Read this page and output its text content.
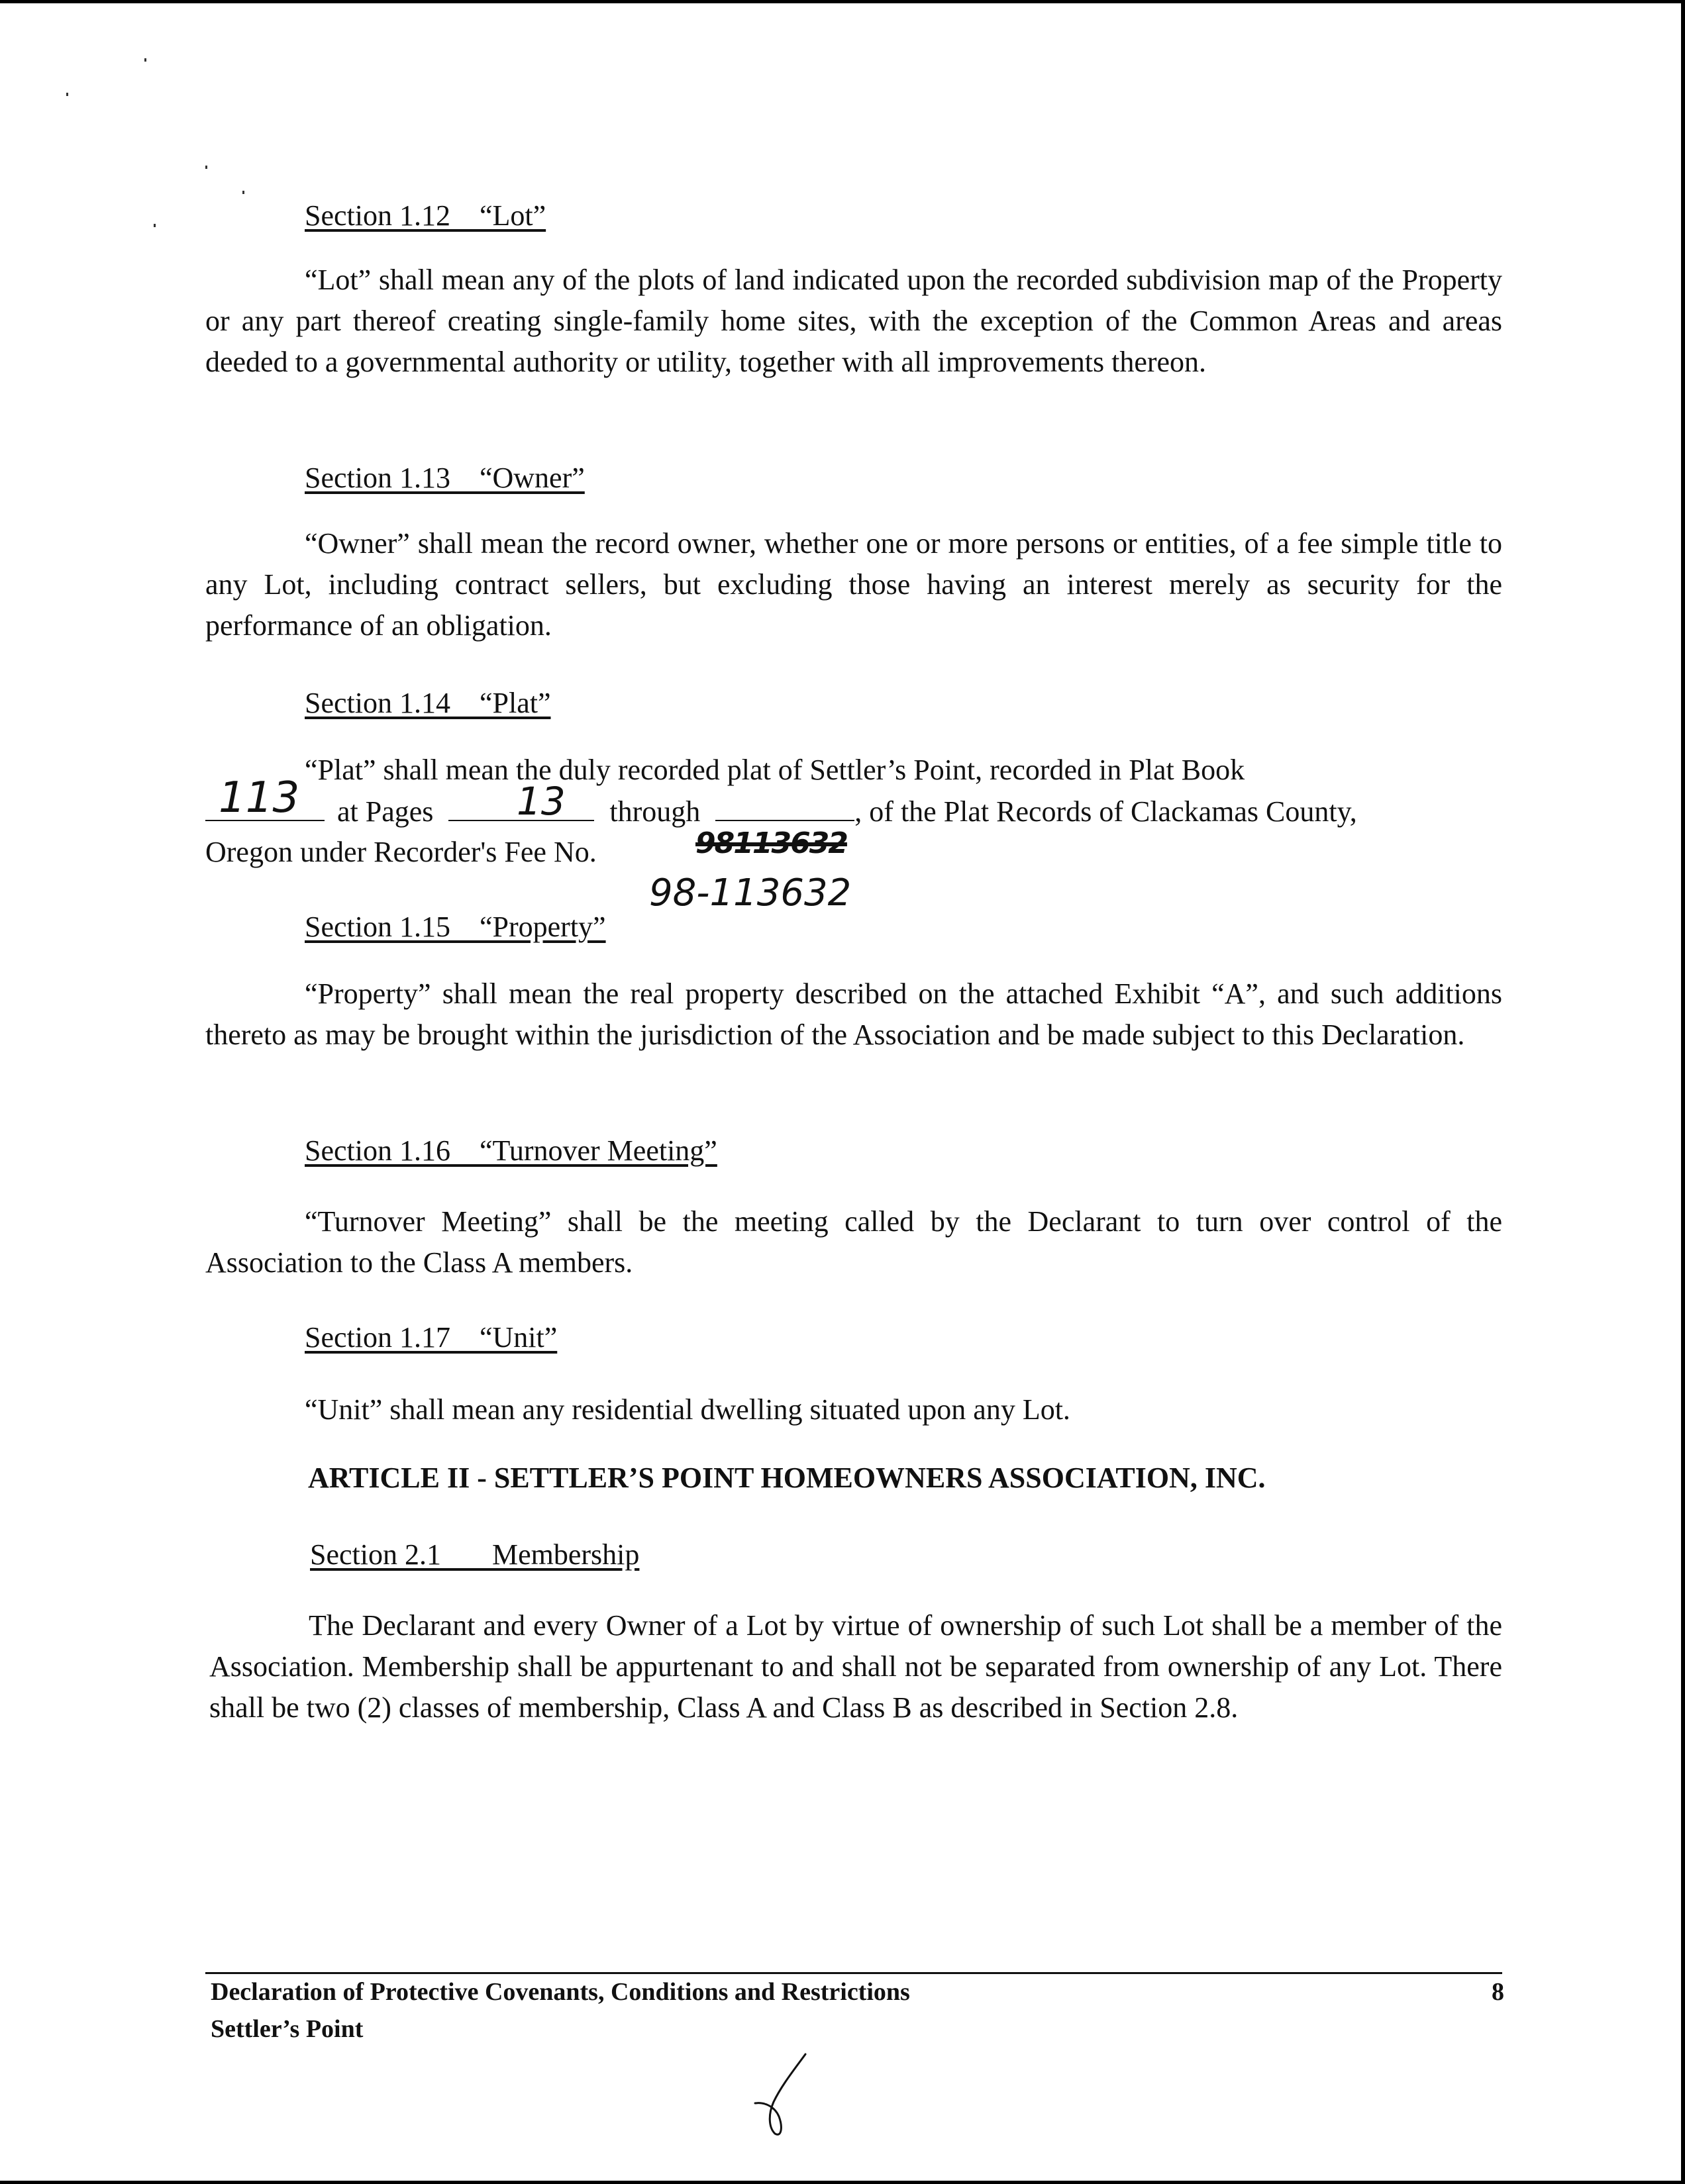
Section 1.12    “Lot”

“Lot” shall mean any of the plots of land indicated upon the recorded subdivision map of the Property or any part thereof creating single-family home sites, with the exception of the Common Areas and areas deeded to a governmental authority or utility, together with all improvements thereon.

Section 1.13    “Owner”

“Owner” shall mean the record owner, whether one or more persons or entities, of a fee simple title to any Lot, including contract sellers, but excluding those having an interest merely as security for the performance of an obligation.

Section 1.14    “Plat”

“Plat” shall mean the duly recorded plat of Settler’s Point, recorded in Plat Book

at Pages	through	, of the Plat Records of Clackamas County,

Oregon under Recorder's Fee No.

113	13
98113632
98-113632

Section 1.15    “Property”

“Property” shall mean the real property described on the attached Exhibit “A”, and such additions thereto as may be brought within the jurisdiction of the Association and be made subject to this Declaration.

Section 1.16    “Turnover Meeting”

“Turnover Meeting” shall be the meeting called by the Declarant to turn over control of the Association to the Class A members.

Section 1.17    “Unit”

“Unit” shall mean any residential dwelling situated upon any Lot.

ARTICLE II - SETTLER’S POINT HOMEOWNERS ASSOCIATION, INC.

Section 2.1       Membership

The Declarant and every Owner of a Lot by virtue of ownership of such Lot shall be a member of the Association. Membership shall be appurtenant to and shall not be separated from ownership of any Lot. There shall be two (2) classes of membership, Class A and Class B as described in Section 2.8.

Declaration of Protective Covenants, Conditions and Restrictions

Settler’s Point

8
